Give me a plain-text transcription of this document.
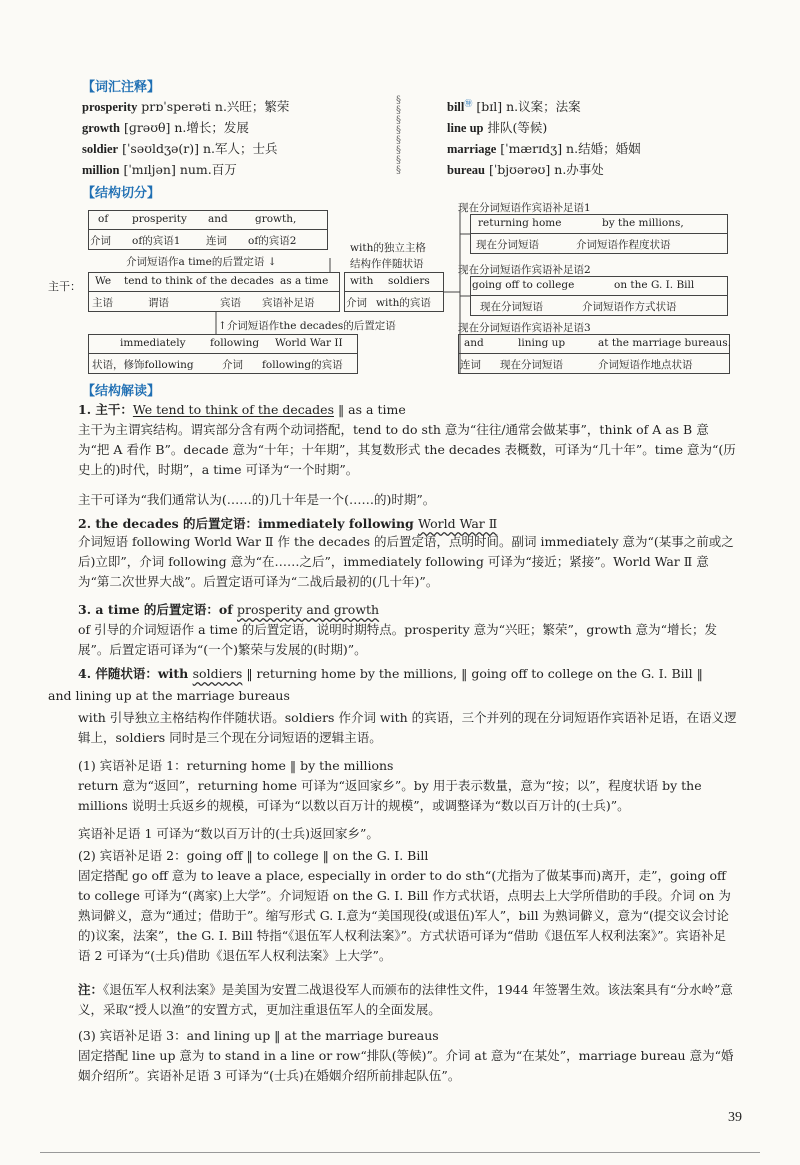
【词汇注释】
prosperity prɒˈsperəti n.兴旺；繁荣
growth [ɡrəʊθ] n.增长；发展
soldier [ˈsəʊldʒə(r)] n.军人；士兵
million [ˈmɪljən] num.百万
§
§
§
§
§
§
§
§
bill㊕ [bɪl] n.议案；法案
line up 排队(等候)
marriage [ˈmærɪdʒ] n.结婚；婚姻
bureau [ˈbjʊərəʊ] n.办事处
【结构切分】
of prosperity and	growth,
介词 of的宾语1 连词 of的宾语2
介词短语作a time的后置定语 ↓
主干： We tend to think of the decades as a time
主语	谓语	宾语 宾语补足语
↑介词短语作the decades的后置定语
immediately following World War II
状语，修饰following	介词 following的宾语
with的独立主格
结构作伴随状语
with soldiers
介词 with的宾语
现在分词短语作宾语补足语1
returning home	by the millions,
现在分词短语	介词短语作程度状语
现在分词短语作宾语补足语2
going off to college	on the G. I. Bill
现在分词短语	介词短语作方式状语
现在分词短语作宾语补足语3
and	lining up	at the marriage bureaus.
连词 现在分词短语	介词短语作地点状语
【结构解读】
1. 主干：We tend to think of the decades ‖ as a time
主干为主谓宾结构。谓宾部分含有两个动词搭配，tend to do sth 意为“往往/通常会做某事”，think of A as B 意为“把 A 看作 B”。decade 意为“十年；十年期”，其复数形式 the decades 表概数，可译为“几十年”。time 意为“(历史上的)时代，时期”，a time 可译为“一个时期”。
主干可译为“我们通常认为(……的)几十年是一个(……的)时期”。
2. the decades 的后置定语：immediately following World War Ⅱ
介词短语 following World War Ⅱ 作 the decades 的后置定语，点明时间。副词 immediately 意为“(某事之前或之后)立即”，介词 following 意为“在……之后”，immediately following 可译为“接近；紧接”。World War Ⅱ 意为“第二次世界大战”。后置定语可译为“二战后最初的(几十年)”。
3. a time 的后置定语：of prosperity and growth
of 引导的介词短语作 a time 的后置定语，说明时期特点。prosperity 意为“兴旺；繁荣”，growth 意为“增长；发展”。后置定语可译为“(一个)繁荣与发展的(时期)”。
4. 伴随状语：with soldiers ‖ returning home by the millions, ‖ going off to college on the G. I. Bill ‖
and lining up at the marriage bureaus
with 引导独立主格结构作伴随状语。soldiers 作介词 with 的宾语，三个并列的现在分词短语作宾语补足语，在语义逻辑上，soldiers 同时是三个现在分词短语的逻辑主语。
(1) 宾语补足语 1：returning home ‖ by the millions
return 意为“返回”，returning home 可译为“返回家乡”。by 用于表示数量，意为“按；以”，程度状语 by the millions 说明士兵返乡的规模，可译为“以数以百万计的规模”，或调整译为“数以百万计的(士兵)”。
宾语补足语 1 可译为“数以百万计的(士兵)返回家乡”。
(2) 宾语补足语 2：going off ‖ to college ‖ on the G. I. Bill
固定搭配 go off 意为 to leave a place, especially in order to do sth“(尤指为了做某事而)离开，走”，going off to college 可译为“(离家)上大学”。介词短语 on the G. I. Bill 作方式状语，点明去上大学所借助的手段。介词 on 为熟词僻义，意为“通过；借助于”。缩写形式 G. I.意为“美国现役(或退伍)军人”，bill 为熟词僻义，意为“(提交议会讨论的)议案，法案”，the G. I. Bill 特指“《退伍军人权利法案》”。方式状语可译为“借助《退伍军人权利法案》”。宾语补足语 2 可译为“(士兵)借助《退伍军人权利法案》上大学”。
注：《退伍军人权利法案》是美国为安置二战退役军人而颁布的法律性文件，1944 年签署生效。该法案具有“分水岭”意义，采取“授人以渔”的安置方式，更加注重退伍军人的全面发展。
(3) 宾语补足语 3：and lining up ‖ at the marriage bureaus
固定搭配 line up 意为 to stand in a line or row“排队(等候)”。介词 at 意为“在某处”，marriage bureau 意为“婚姻介绍所”。宾语补足语 3 可译为“(士兵)在婚姻介绍所前排起队伍”。
39
